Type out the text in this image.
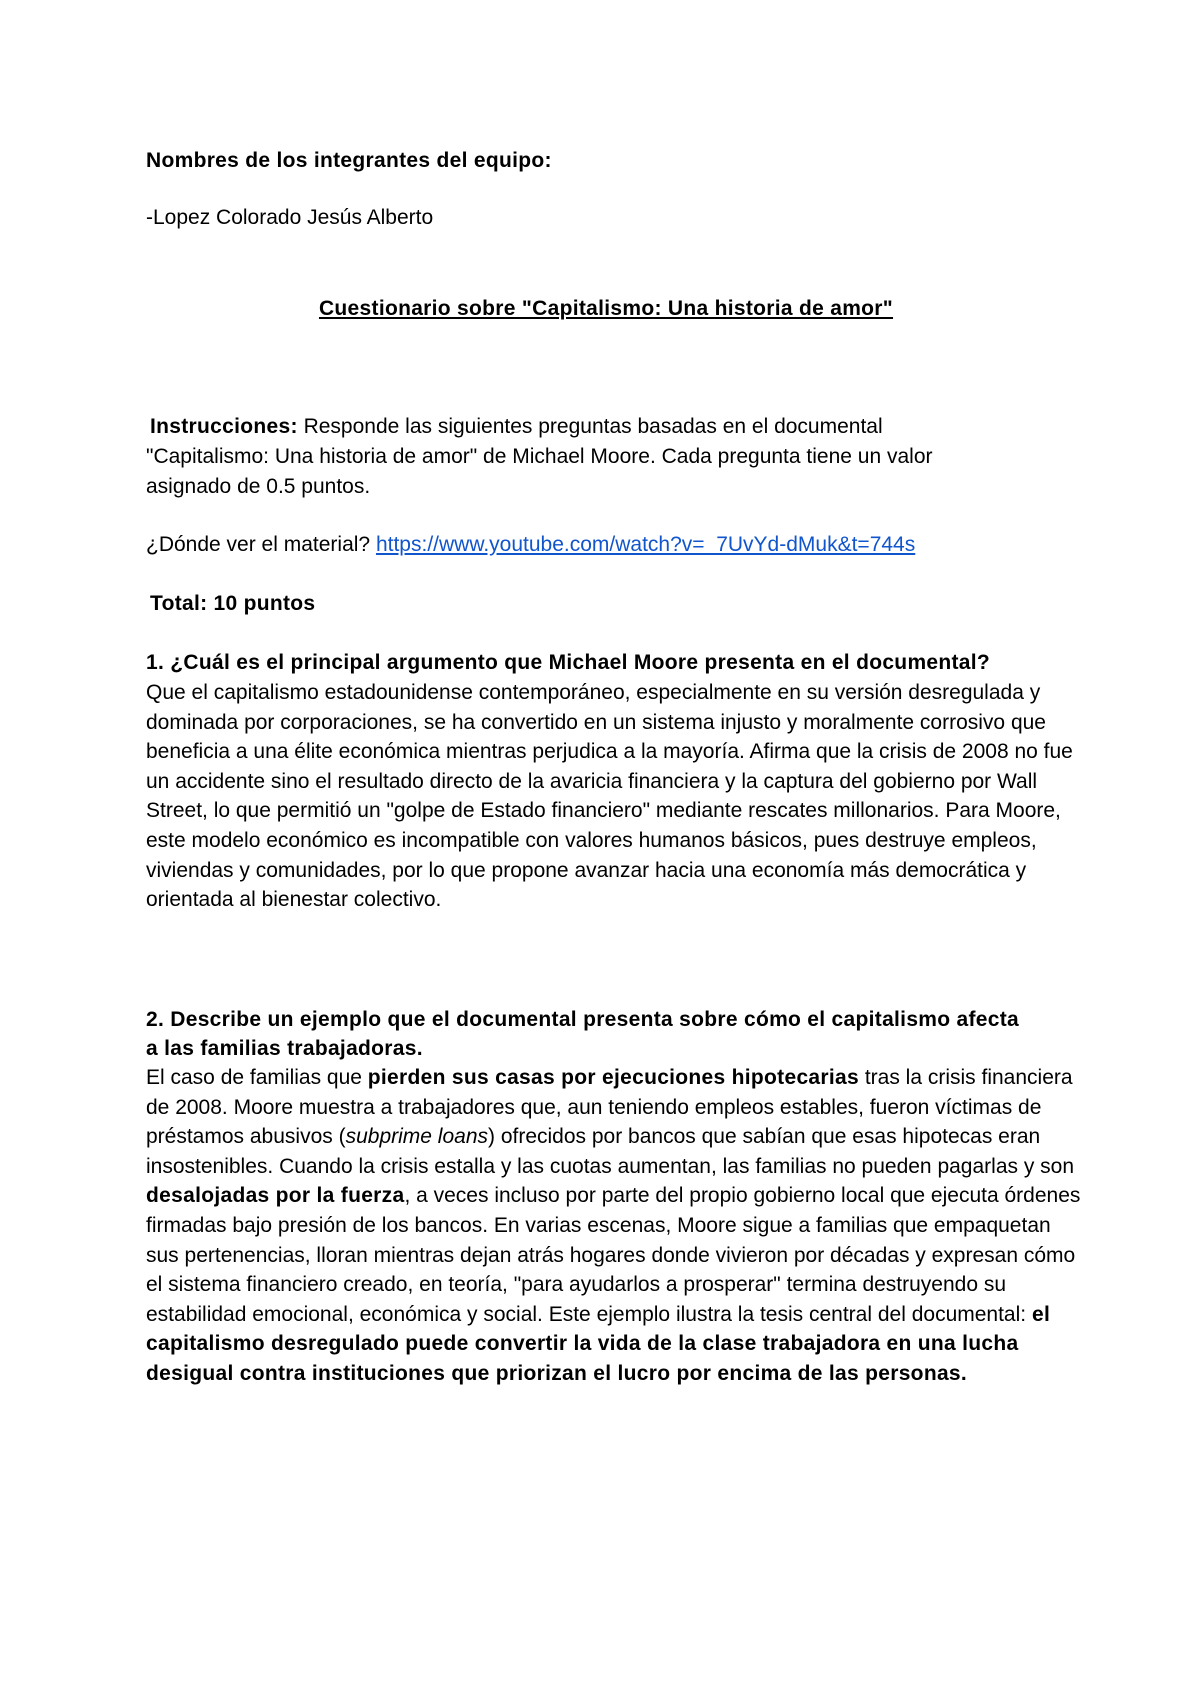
Nombres de los integrantes del equipo:

-Lopez Colorado Jesús Alberto

Cuestionario sobre "Capitalismo: Una historia de amor"

Instrucciones: Responde las siguientes preguntas basadas en el documental

"Capitalismo: Una historia de amor" de Michael Moore. Cada pregunta tiene un valor

asignado de 0.5 puntos.

¿Dónde ver el material? https://www.youtube.com/watch?v=_7UvYd-dMuk&t=744s

Total: 10 puntos

1. ¿Cuál es el principal argumento que Michael Moore presenta en el documental?

Que el capitalismo estadounidense contemporáneo, especialmente en su versión desregulada y dominada por corporaciones, se ha convertido en un sistema injusto y moralmente corrosivo que beneficia a una élite económica mientras perjudica a la mayoría. Afirma que la crisis de 2008 no fue un accidente sino el resultado directo de la avaricia financiera y la captura del gobierno por Wall Street, lo que permitió un "golpe de Estado financiero" mediante rescates millonarios. Para Moore, este modelo económico es incompatible con valores humanos básicos, pues destruye empleos, viviendas y comunidades, por lo que propone avanzar hacia una economía más democrática y orientada al bienestar colectivo.

2. Describe un ejemplo que el documental presenta sobre cómo el capitalismo afecta

a las familias trabajadoras.

El caso de familias que pierden sus casas por ejecuciones hipotecarias tras la crisis financiera de 2008. Moore muestra a trabajadores que, aun teniendo empleos estables, fueron víctimas de préstamos abusivos (subprime loans) ofrecidos por bancos que sabían que esas hipotecas eran insostenibles. Cuando la crisis estalla y las cuotas aumentan, las familias no pueden pagarlas y son desalojadas por la fuerza, a veces incluso por parte del propio gobierno local que ejecuta órdenes firmadas bajo presión de los bancos. En varias escenas, Moore sigue a familias que empaquetan sus pertenencias, lloran mientras dejan atrás hogares donde vivieron por décadas y expresan cómo el sistema financiero creado, en teoría, "para ayudarlos a prosperar" termina destruyendo su estabilidad emocional, económica y social. Este ejemplo ilustra la tesis central del documental: el capitalismo desregulado puede convertir la vida de la clase trabajadora en una lucha desigual contra instituciones que priorizan el lucro por encima de las personas.
